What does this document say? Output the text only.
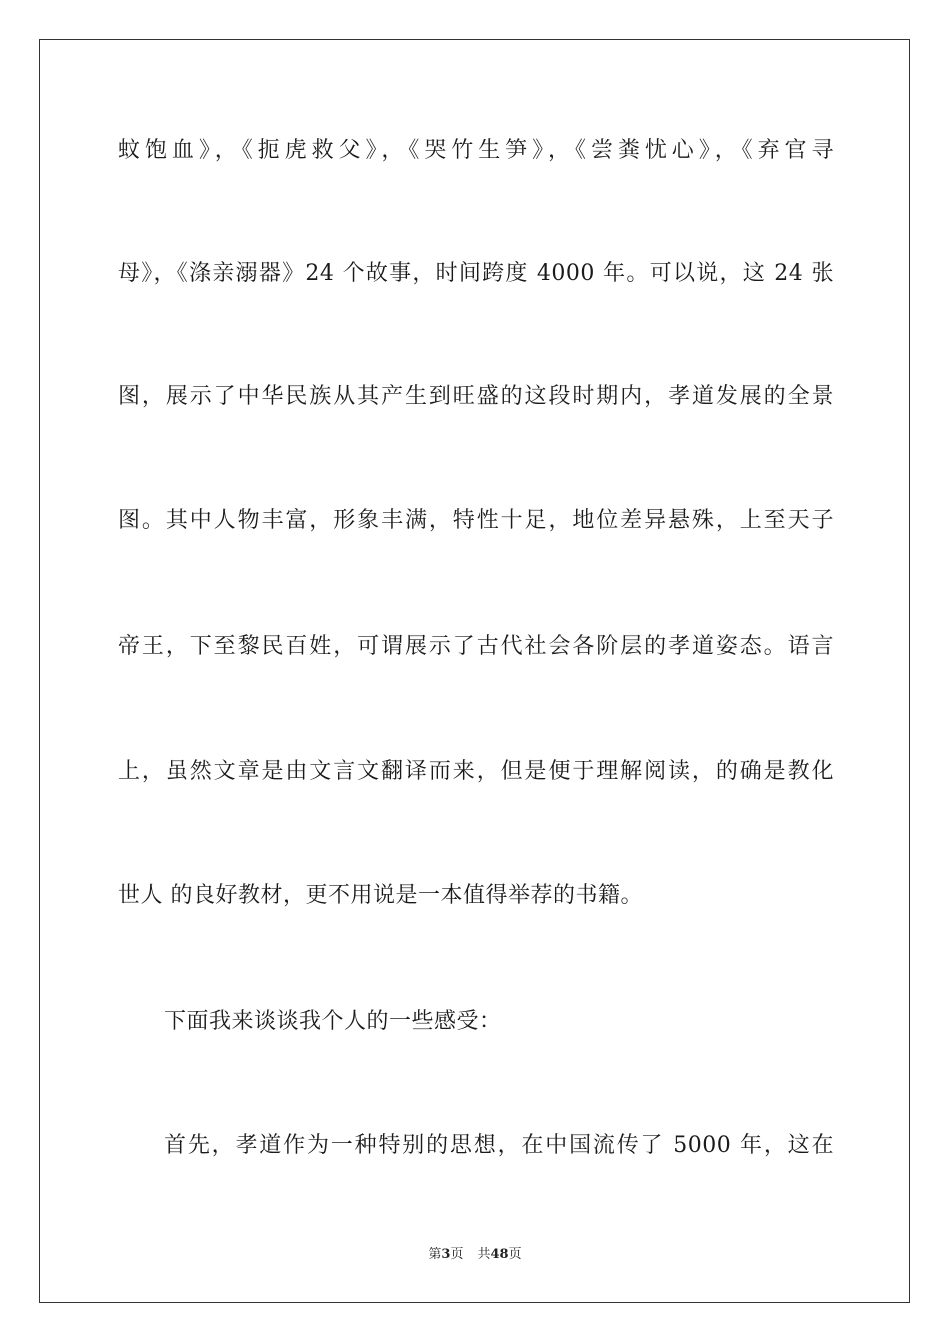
蚊饱血》，《扼虎救父》，《哭竹生笋》，《尝粪忧心》，《弃官寻
母》，《涤亲溺器》24 个故事，时间跨度 4000 年。可以说，这 24 张
图，展示了中华民族从其产生到旺盛的这段时期内，孝道发展的全景
图。其中人物丰富，形象丰满，特性十足，地位差异悬殊，上至天子
帝王，下至黎民百姓，可谓展示了古代社会各阶层的孝道姿态。语言
上，虽然文章是由文言文翻译而来，但是便于理解阅读，的确是教化
世人 的良好教材，更不用说是一本值得举荐的书籍。
下面我来谈谈我个人的一些感受：
首先，孝道作为一种特别的思想，在中国流传了 5000 年，这在
第3页 共48页
